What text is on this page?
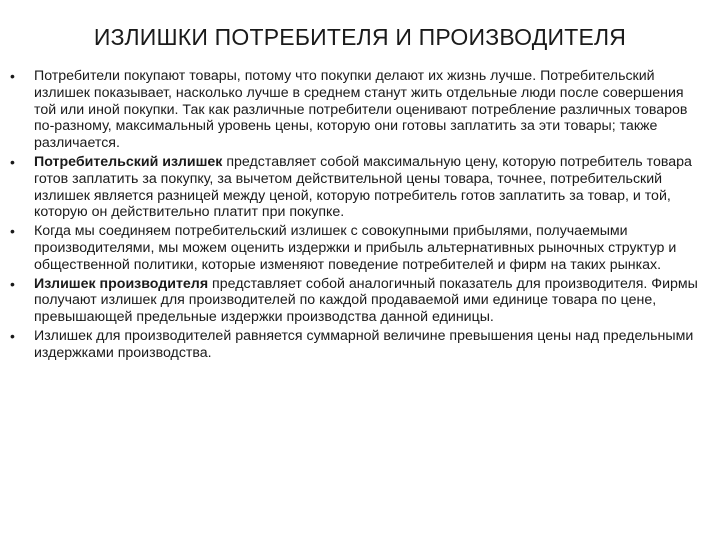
ИЗЛИШКИ ПОТРЕБИТЕЛЯ И ПРОИЗВОДИТЕЛЯ
• Потребители покупают товары, потому что покупки делают их жизнь лучше. Потребительский излишек показывает, насколько лучше в среднем станут жить отдельные люди после совершения той или иной покупки. Так как различные потребители оценивают потребление различных товаров по-разному, максимальный уровень цены, которую они готовы заплатить за эти товары; также различается.
• Потребительский излишек представляет собой максимальную цену, которую потребитель товара готов заплатить за покупку, за вычетом действительной цены товара, точнее, потребительский излишек является разницей между ценой, которую потребитель готов заплатить за товар, и той, которую он действительно платит при покупке.
• Когда мы соединяем потребительский излишек с совокупными прибылями, получаемыми производителями, мы можем оценить издержки и прибыль альтернативных рыночных структур и общественной политики, которые изменяют поведение потребителей и фирм на таких рынках.
• Излишек производителя представляет собой аналогичный показатель для производителя. Фирмы получают излишек для производителей по каждой продаваемой ими единице товара по цене, превышающей предельные издержки производства данной единицы.
• Излишек для производителей равняется суммарной величине превышения цены над предельными издержками производства.
